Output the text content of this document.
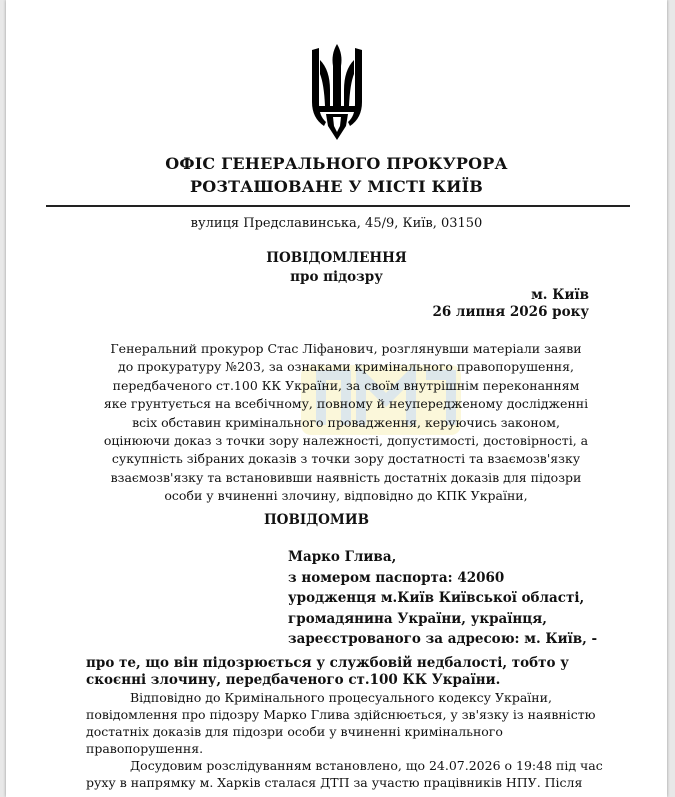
ОФІС ГЕНЕРАЛЬНОГО ПРОКУРОРА
РОЗТАШОВАНЕ У МІСТІ КИЇВ
вулиця Предславинська, 45/9, Київ, 03150
ПОВІДОМЛЕННЯ
про підозру
м. Київ
26 липня 2026 року
Генеральний прокурор Стас Ліфанович, розглянувши матеріали заяви до прокуратуру №203, за ознаками кримінального правопорушення, передбаченого ст.100 КК України, за своїм внутрішнім переконанням яке грунтується на всебічному, повному й неупередженому дослідженні всіх обставин кримінального провадження, керуючись законом, оцінюючи доказ з точки зору належності, допустимості, достовірності, а сукупність зібраних доказів з точки зору достатності та взаємозв'язку взаємозв'язку та встановивши наявність достатніх доказів для підозри особи у вчиненні злочину, відповідно до КПК України,
ПОВІДОМИВ
Марко Глива,
з номером паспорта: 42060
уродженця м.Київ Київської області,
громадянина України, українця,
зареєстрованого за адресою: м. Київ, -
про те, що він підозрюється у службовій недбалості, тобто у скоєнні злочину, передбаченого ст.100 КК України.
Відповідно до Кримінального процесуального кодексу України, повідомлення про підозру Марко Глива здійснюється, у зв'язку із наявністю достатніх доказів для підозри особи у вчиненні кримінального правопорушення.
Досудовим розслідуванням встановлено, що 24.07.2026 о 19:48 під час руху в напрямку м. Харків сталася ДТП за участю працівників НПУ. Після
